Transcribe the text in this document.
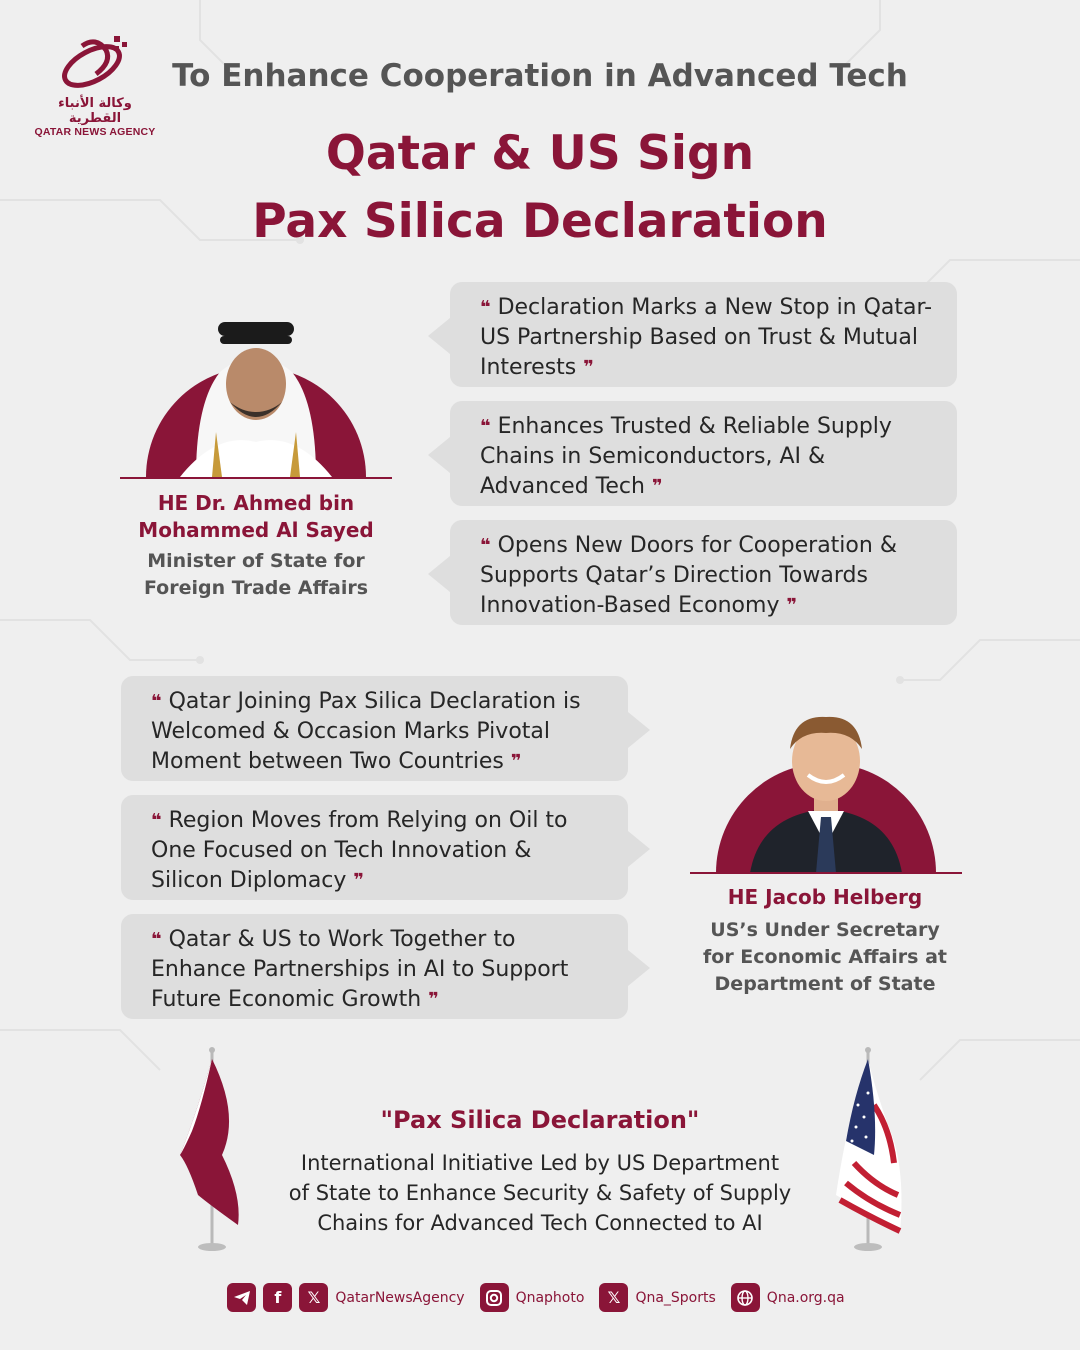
وكالة الأنباء القطرية
QATAR NEWS AGENCY
To Enhance Cooperation in Advanced Tech
Qatar & US Sign
Pax Silica Declaration
HE Dr. Ahmed bin
Mohammed Al Sayed
Minister of State for
Foreign Trade Affairs
❝ Declaration Marks a New Stop in Qatar-US Partnership Based on Trust & Mutual Interests ❞
❝ Enhances Trusted & Reliable Supply Chains in Semiconductors, AI & Advanced Tech ❞
❝ Opens New Doors for Cooperation & Supports Qatar’s Direction Towards Innovation-Based Economy ❞
❝ Qatar Joining Pax Silica Declaration is Welcomed & Occasion Marks Pivotal Moment between Two Countries ❞
❝ Region Moves from Relying on Oil to One Focused on Tech Innovation & Silicon Diplomacy ❞
❝ Qatar & US to Work Together to Enhance Partnerships in AI to Support Future Economic Growth ❞
HE Jacob Helberg
US’s Under Secretary
for Economic Affairs at
Department of State
"Pax Silica Declaration"
International Initiative Led by US Department
of State to Enhance Security & Safety of Supply
Chains for Advanced Tech Connected to AI
f	𝕏	QatarNewsAgency	Qnaphoto	𝕏	Qna_Sports	Qna.org.qa
